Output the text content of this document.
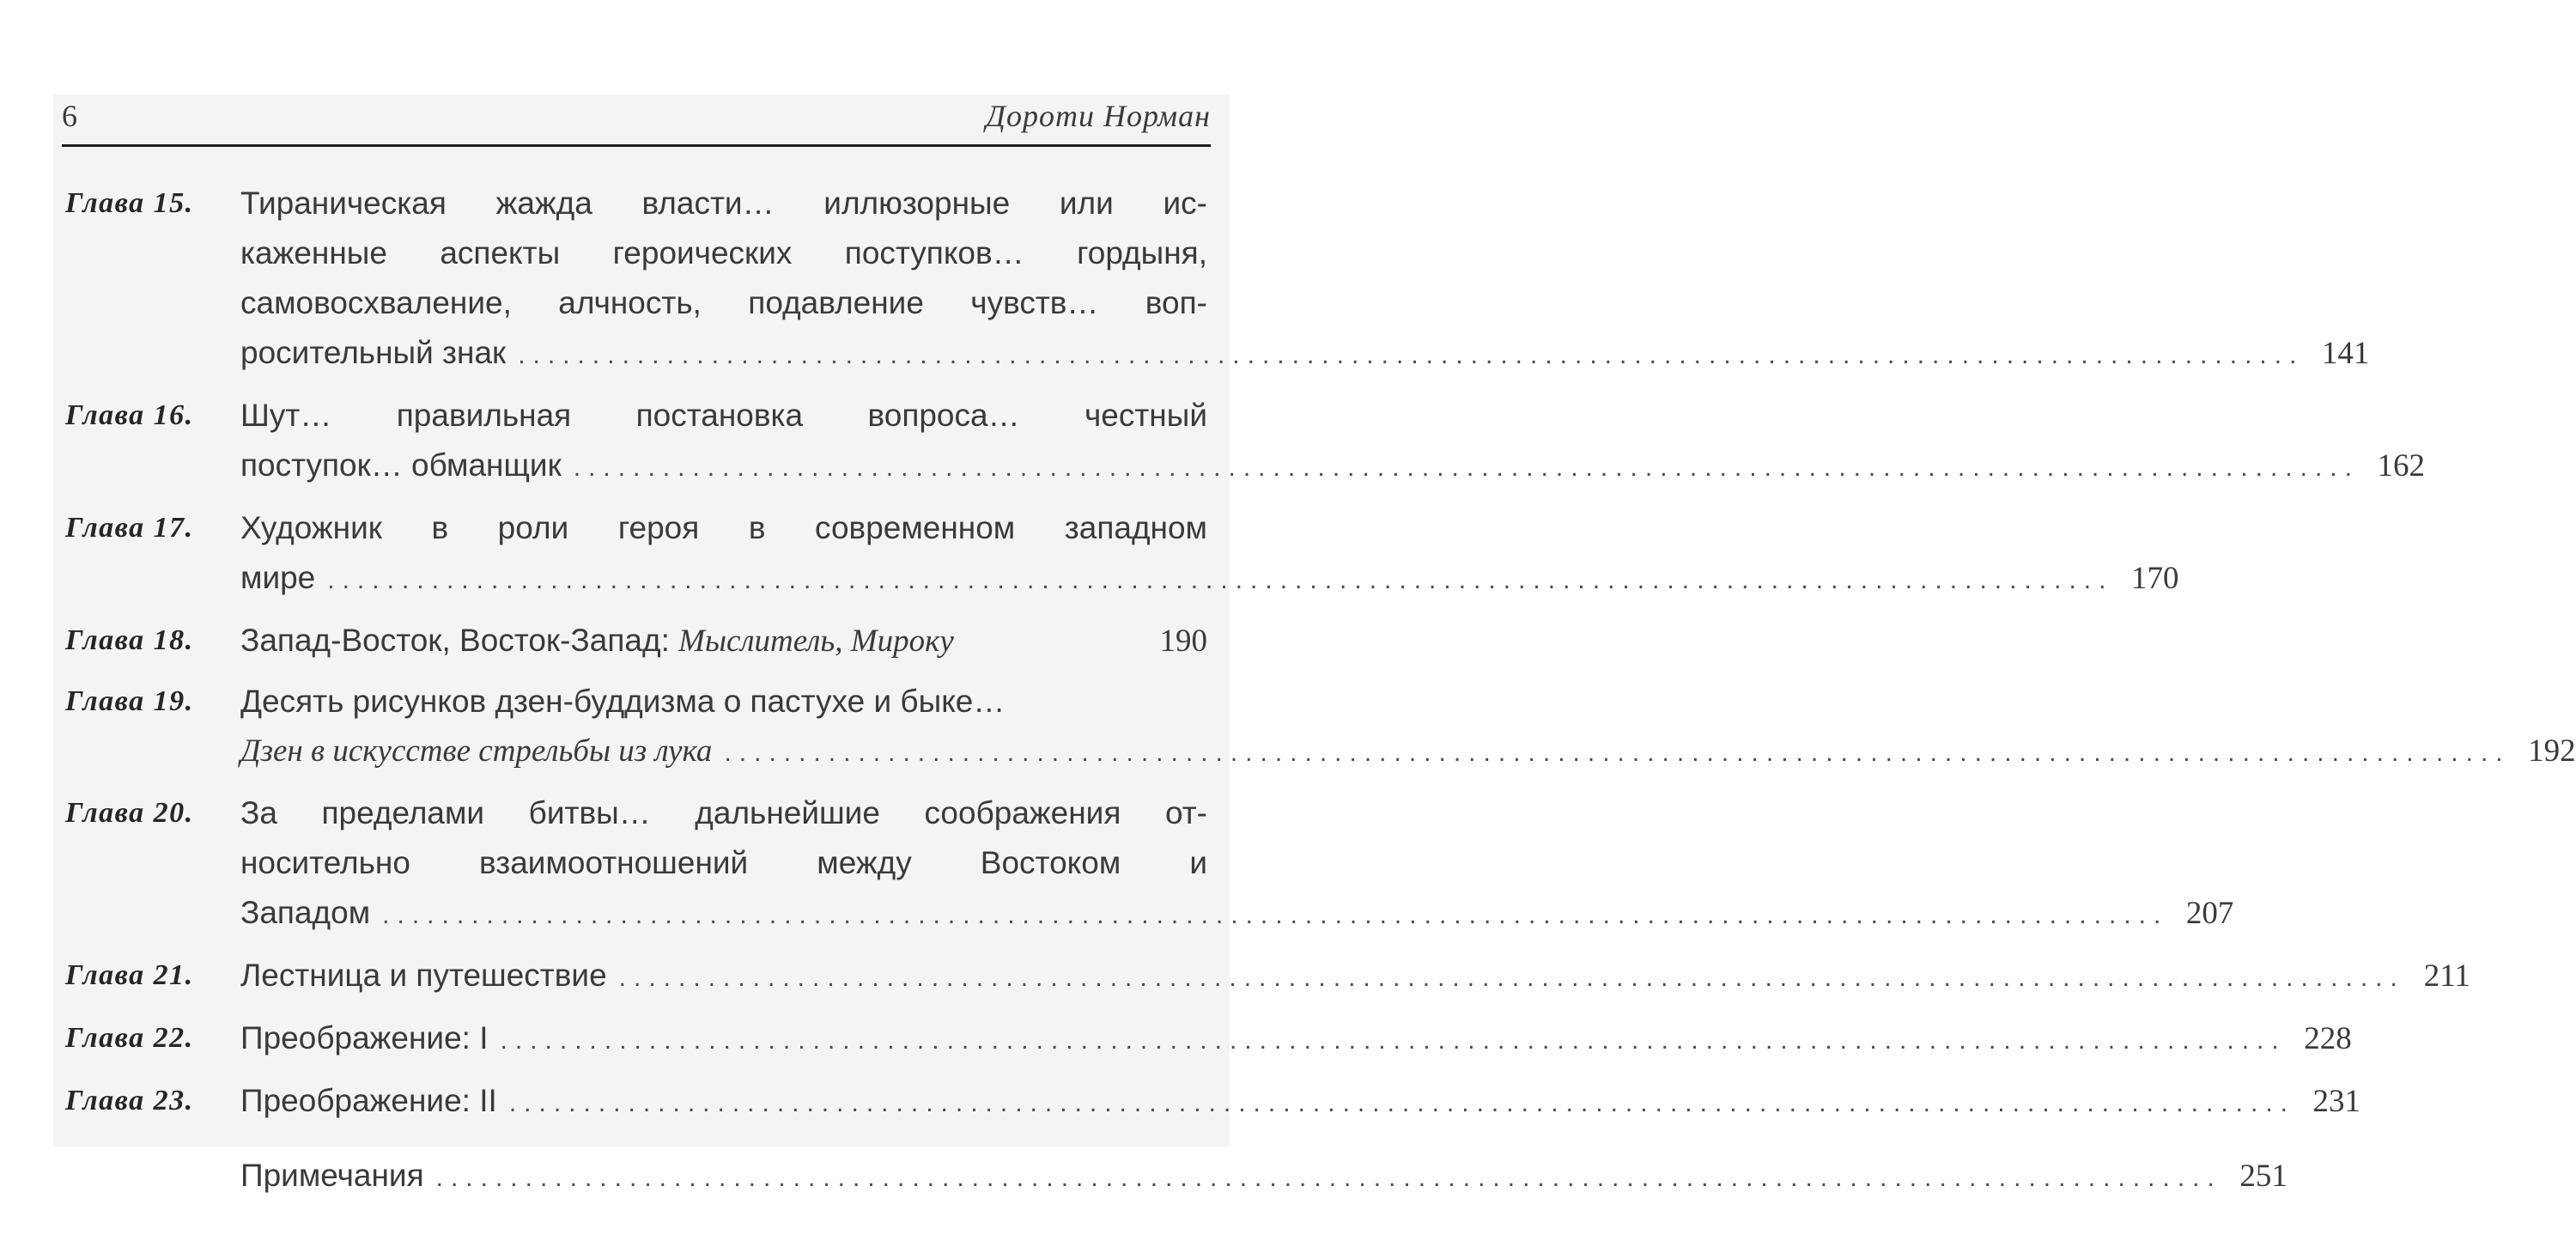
6	Дороти Норман
Глава 15.	Тираническая жажда власти… иллюзорные или ис-
каженные аспекты героических поступков… гордыня,
самовосхваление, алчность, подавление чувств… воп-
росительный знак ........................................................................................................................ 141
Глава 16.	Шут… правильная постановка вопроса… честный
поступок… обманщик ........................................................................................................................ 162
Глава 17.	Художник в роли героя в современном западном
мире ........................................................................................................................ 170
Глава 18.	Запад-Восток, Восток-Запад: Мыслитель, Мироку	190
Глава 19.	Десять рисунков дзен-буддизма о пастухе и быке…
Дзен в искусстве стрельбы из лука ........................................................................................................................ 192
Глава 20.	За пределами битвы… дальнейшие соображения от-
носительно взаимоотношений между Востоком и
Западом ........................................................................................................................ 207
Глава 21.	Лестница и путешествие ........................................................................................................................ 211
Глава 22.	Преображение: I ........................................................................................................................ 228
Глава 23.	Преображение: II ........................................................................................................................ 231
Примечания ........................................................................................................................ 251
